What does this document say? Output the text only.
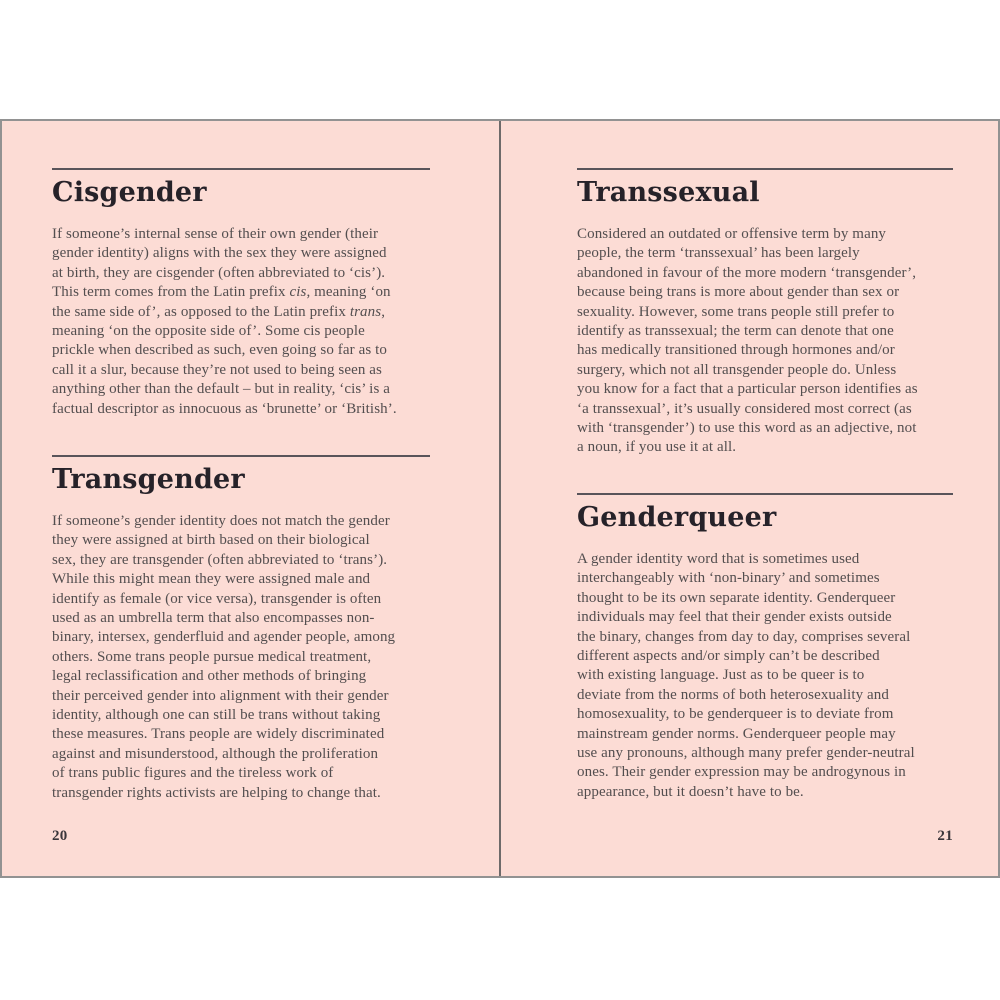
Cisgender

If someone’s internal sense of their own gender (their
gender identity) aligns with the sex they were assigned
at birth, they are cisgender (often abbreviated to ‘cis’).
This term comes from the Latin prefix cis, meaning ‘on
the same side of’, as opposed to the Latin prefix trans,
meaning ‘on the opposite side of’. Some cis people
prickle when described as such, even going so far as to
call it a slur, because they’re not used to being seen as
anything other than the default – but in reality, ‘cis’ is a
factual descriptor as innocuous as ‘brunette’ or ‘British’.

Transgender

If someone’s gender identity does not match the gender
they were assigned at birth based on their biological
sex, they are transgender (often abbreviated to ‘trans’).
While this might mean they were assigned male and
identify as female (or vice versa), transgender is often
used as an umbrella term that also encompasses non-
binary, intersex, genderfluid and agender people, among
others. Some trans people pursue medical treatment,
legal reclassification and other methods of bringing
their perceived gender into alignment with their gender
identity, although one can still be trans without taking
these measures. Trans people are widely discriminated
against and misunderstood, although the proliferation
of trans public figures and the tireless work of
transgender rights activists are helping to change that.

20
Transsexual

Considered an outdated or offensive term by many
people, the term ‘transsexual’ has been largely
abandoned in favour of the more modern ‘transgender’,
because being trans is more about gender than sex or
sexuality. However, some trans people still prefer to
identify as transsexual; the term can denote that one
has medically transitioned through hormones and/or
surgery, which not all transgender people do. Unless
you know for a fact that a particular person identifies as
‘a transsexual’, it’s usually considered most correct (as
with ‘transgender’) to use this word as an adjective, not
a noun, if you use it at all.

Genderqueer

A gender identity word that is sometimes used
interchangeably with ‘non-binary’ and sometimes
thought to be its own separate identity. Genderqueer
individuals may feel that their gender exists outside
the binary, changes from day to day, comprises several
different aspects and/or simply can’t be described
with existing language. Just as to be queer is to
deviate from the norms of both heterosexuality and
homosexuality, to be genderqueer is to deviate from
mainstream gender norms. Genderqueer people may
use any pronouns, although many prefer gender-neutral
ones. Their gender expression may be androgynous in
appearance, but it doesn’t have to be.

21
